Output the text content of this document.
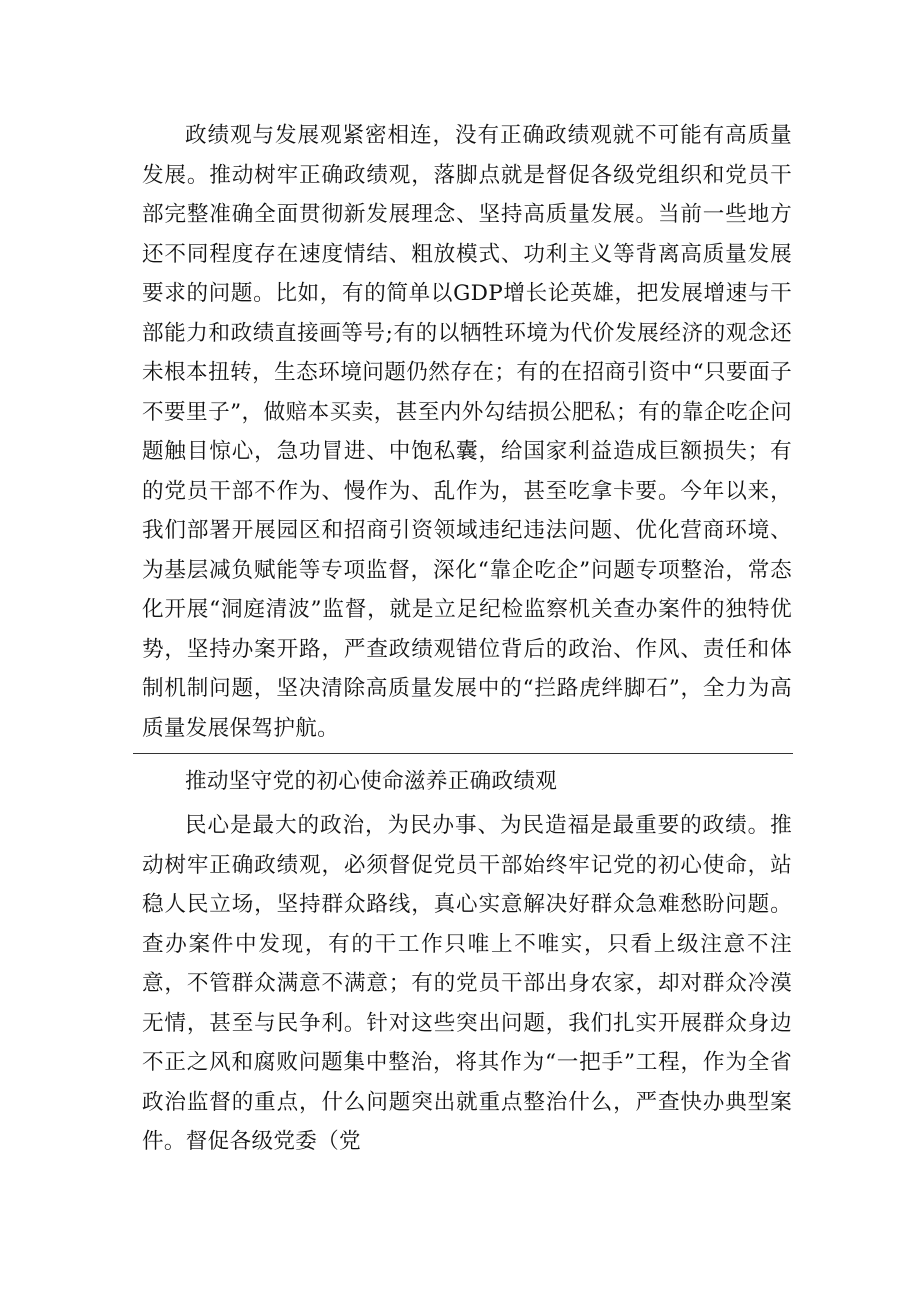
政绩观与发展观紧密相连，没有正确政绩观就不可能有高质量发展。推动树牢正确政绩观，落脚点就是督促各级党组织和党员干部完整准确全面贯彻新发展理念、坚持高质量发展。当前一些地方还不同程度存在速度情结、粗放模式、功利主义等背离高质量发展要求的问题。比如，有的简单以GDP增长论英雄，把发展增速与干部能力和政绩直接画等号;有的以牺牲环境为代价发展经济的观念还未根本扭转，生态环境问题仍然存在；有的在招商引资中“只要面子不要里子”，做赔本买卖，甚至内外勾结损公肥私；有的靠企吃企问题触目惊心，急功冒进、中饱私囊，给国家利益造成巨额损失；有的党员干部不作为、慢作为、乱作为，甚至吃拿卡要。今年以来，我们部署开展园区和招商引资领域违纪违法问题、优化营商环境、为基层减负赋能等专项监督，深化“靠企吃企”问题专项整治，常态化开展“洞庭清波”监督，就是立足纪检监察机关查办案件的独特优势，坚持办案开路，严查政绩观错位背后的政治、作风、责任和体制机制问题，坚决清除高质量发展中的“拦路虎绊脚石”，全力为高质量发展保驾护航。

推动坚守党的初心使命滋养正确政绩观

民心是最大的政治，为民办事、为民造福是最重要的政绩。推动树牢正确政绩观，必须督促党员干部始终牢记党的初心使命，站稳人民立场，坚持群众路线，真心实意解决好群众急难愁盼问题。查办案件中发现，有的干工作只唯上不唯实，只看上级注意不注意，不管群众满意不满意；有的党员干部出身农家，却对群众冷漠无情，甚至与民争利。针对这些突出问题，我们扎实开展群众身边不正之风和腐败问题集中整治，将其作为“一把手”工程，作为全省政治监督的重点，什么问题突出就重点整治什么，严查快办典型案件。督促各级党委（党
